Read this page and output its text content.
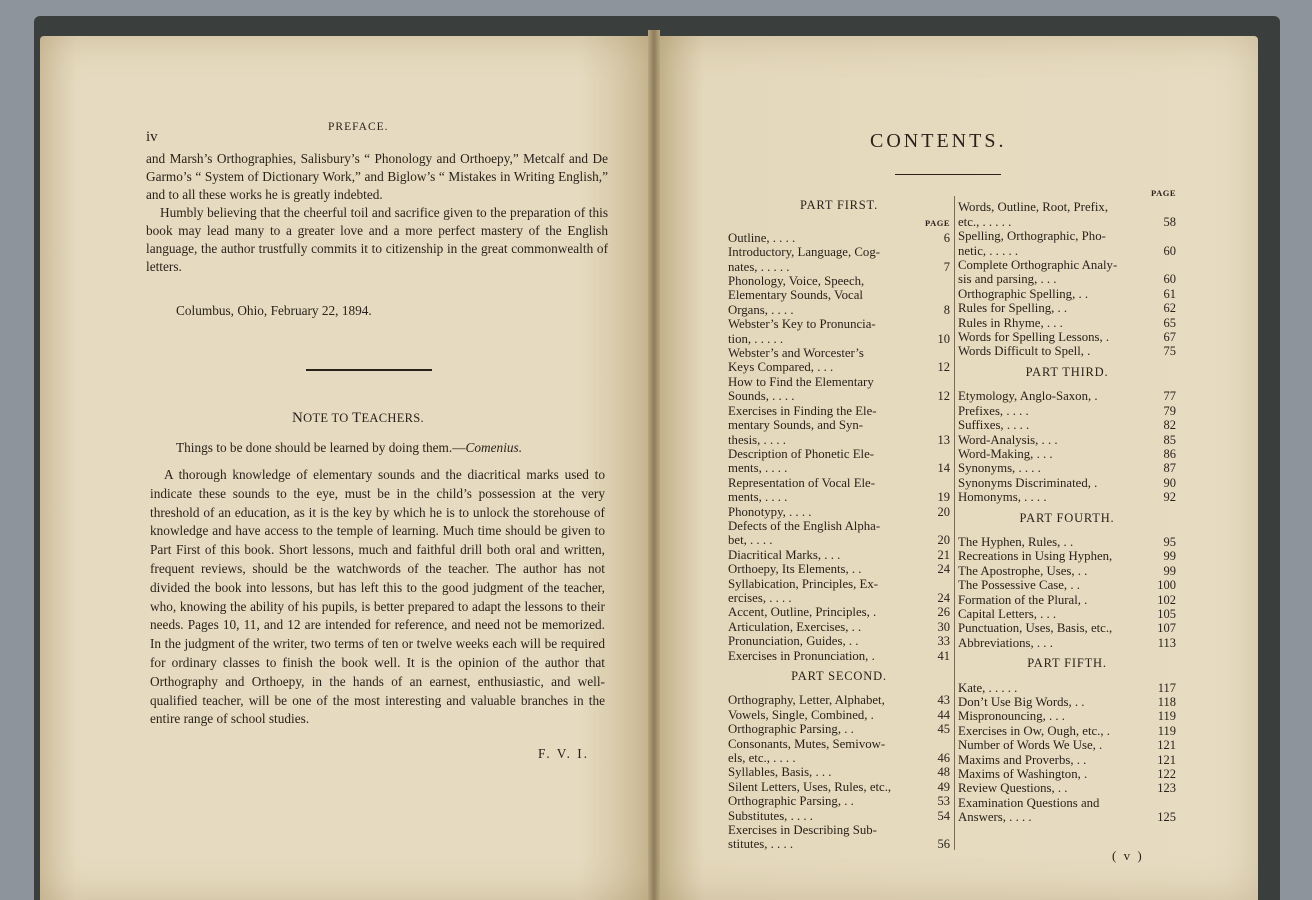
iv
PREFACE.

and Marsh’s Orthographies, Salisbury’s “ Phonology and Orthoepy,” Metcalf and De Garmo’s “ System of Dictionary Work,” and Biglow’s “ Mistakes in Writing English,” and to all these works he is greatly indebted.

Humbly believing that the cheerful toil and sacrifice given to the preparation of this book may lead many to a greater love and a more perfect mastery of the English language, the author trustfully commits it to citizenship in the great commonwealth of letters.

Columbus, Ohio, February 22, 1894.
NOTE TO TEACHERS.
Things to be done should be learned by doing them.—Comenius.

A thorough knowledge of elementary sounds and the diacritical marks used to indicate these sounds to the eye, must be in the child’s possession at the very threshold of an education, as it is the key by which he is to unlock the storehouse of knowledge and have access to the temple of learning. Much time should be given to Part First of this book. Short lessons, much and faithful drill both oral and written, frequent reviews, should be the watchwords of the teacher. The author has not divided the book into lessons, but has left this to the good judgment of the teacher, who, knowing the ability of his pupils, is better prepared to adapt the lessons to their needs. Pages 10, 11, and 12 are intended for reference, and need not be memorized. In the judgment of the writer, two terms of ten or twelve weeks each will be required for ordinary classes to finish the book well. It is the opinion of the author that Orthography and Orthoepy, in the hands of an earnest, enthusiastic, and well-qualified teacher, will be one of the most interesting and valuable branches in the entire range of school studies.

F. V. I.
CONTENTS.
PART FIRST.
PAGE
Outline, . . . .	6
Introductory, Language, Cog-
nates, . . . . .	7
Phonology, Voice, Speech,
Elementary Sounds, Vocal
Organs, . . . .	8
Webster’s Key to Pronuncia-
tion, . . . . .	10
Webster’s and Worcester’s
Keys Compared, . . .	12
How to Find the Elementary
Sounds, . . . .	12
Exercises in Finding the Ele-
mentary Sounds, and Syn-
thesis, . . . .	13
Description of Phonetic Ele-
ments, . . . .	14
Representation of Vocal Ele-
ments, . . . .	19
Phonotypy, . . . .	20
Defects of the English Alpha-
bet, . . . .	20
Diacritical Marks, . . .	21
Orthoepy, Its Elements, . .	24
Syllabication, Principles, Ex-
ercises, . . . .	24
Accent, Outline, Principles, .	26
Articulation, Exercises, . .	30
Pronunciation, Guides, . .	33
Exercises in Pronunciation, .	41
PART SECOND.
Orthography, Letter, Alphabet,	43
Vowels, Single, Combined, .	44
Orthographic Parsing, . .	45
Consonants, Mutes, Semivow-
els, etc., . . . .	46
Syllables, Basis, . . .	48
Silent Letters, Uses, Rules, etc.,	49
Orthographic Parsing, . .	53
Substitutes, . . . .	54
Exercises in Describing Sub-
stitutes, . . . .	56
PAGE
Words, Outline, Root, Prefix,
etc., . . . . .	58
Spelling, Orthographic, Pho-
netic, . . . . .	60
Complete Orthographic Analy-
sis and parsing, . . .	60
Orthographic Spelling, . .	61
Rules for Spelling, . .	62
Rules in Rhyme, . . .	65
Words for Spelling Lessons, .	67
Words Difficult to Spell, .	75
PART THIRD.
Etymology, Anglo-Saxon, .	77
Prefixes, . . . .	79
Suffixes, . . . .	82
Word-Analysis, . . .	85
Word-Making, . . .	86
Synonyms, . . . .	87
Synonyms Discriminated, .	90
Homonyms, . . . .	92
PART FOURTH.
The Hyphen, Rules, . .	95
Recreations in Using Hyphen,	99
The Apostrophe, Uses, . .	99
The Possessive Case, . .	100
Formation of the Plural, .	102
Capital Letters, . . .	105
Punctuation, Uses, Basis, etc.,	107
Abbreviations, . . .	113
PART FIFTH.
Kate, . . . . .	117
Don’t Use Big Words, . .	118
Mispronouncing, . . .	119
Exercises in Ow, Ough, etc., .	119
Number of Words We Use, .	121
Maxims and Proverbs, . .	121
Maxims of Washington, .	122
Review Questions, . .	123
Examination Questions and
Answers, . . . .	125
( v )
